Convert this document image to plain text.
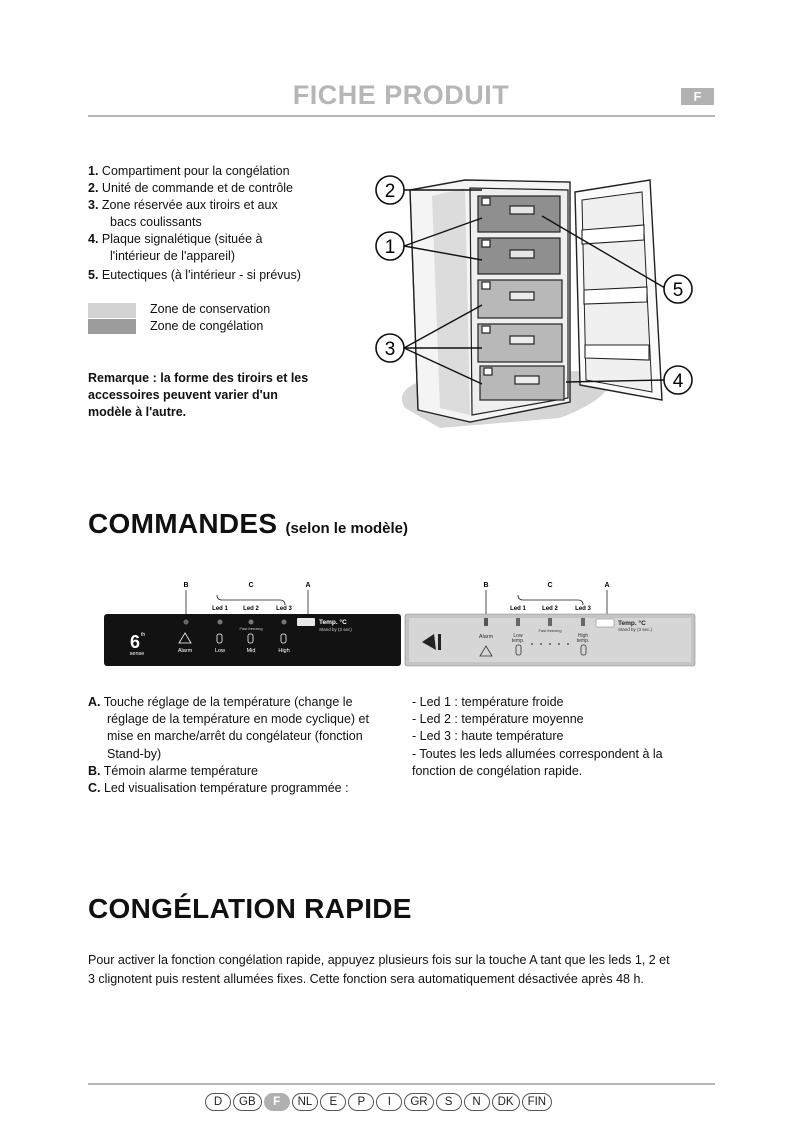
FICHE PRODUIT	F
1. Compartiment pour la congélation
2. Unité de commande et de contrôle
3. Zone réservée aux tiroirs et aux
bacs coulissants
4. Plaque signalétique (située à
l'intérieur de l'appareil)
5. Eutectiques (à l'intérieur - si prévus)
Zone de conservation
Zone de congélation
Remarque : la forme des tiroirs et les accessoires peuvent varier d'un modèle à l'autre.
2
1
5
3
4
COMMANDES (selon le modèle)
B	C	A
Led 1	Led 2	Led 3
Fast freezing
Temp. °C
Stand by (3 sec)
6 th
sense	Alarm	Low	Mid	High
B	C	A
Led 1	Led 2	Led 3
Fast freezing
Temp. °C
Stand by (3 sec.)
Alarm	Low
temp.
High
temp.
A. Touche réglage de la température (change le
réglage de la température en mode cyclique) et
mise en marche/arrêt du congélateur (fonction
Stand-by)
B. Témoin alarme température
C. Led visualisation température programmée :
- Led 1 : température froide
- Led 2 : température moyenne
- Led 3 : haute température
- Toutes les leds allumées correspondent à la
fonction de congélation rapide.
CONGÉLATION RAPIDE
Pour activer la fonction congélation rapide, appuyez plusieurs fois sur la touche A tant que les leds 1, 2 et
3 clignotent puis restent allumées fixes. Cette fonction sera automatiquement désactivée après 48 h.
D	GB	F	NL	E	P	I	GR	S	N	DK	FIN
